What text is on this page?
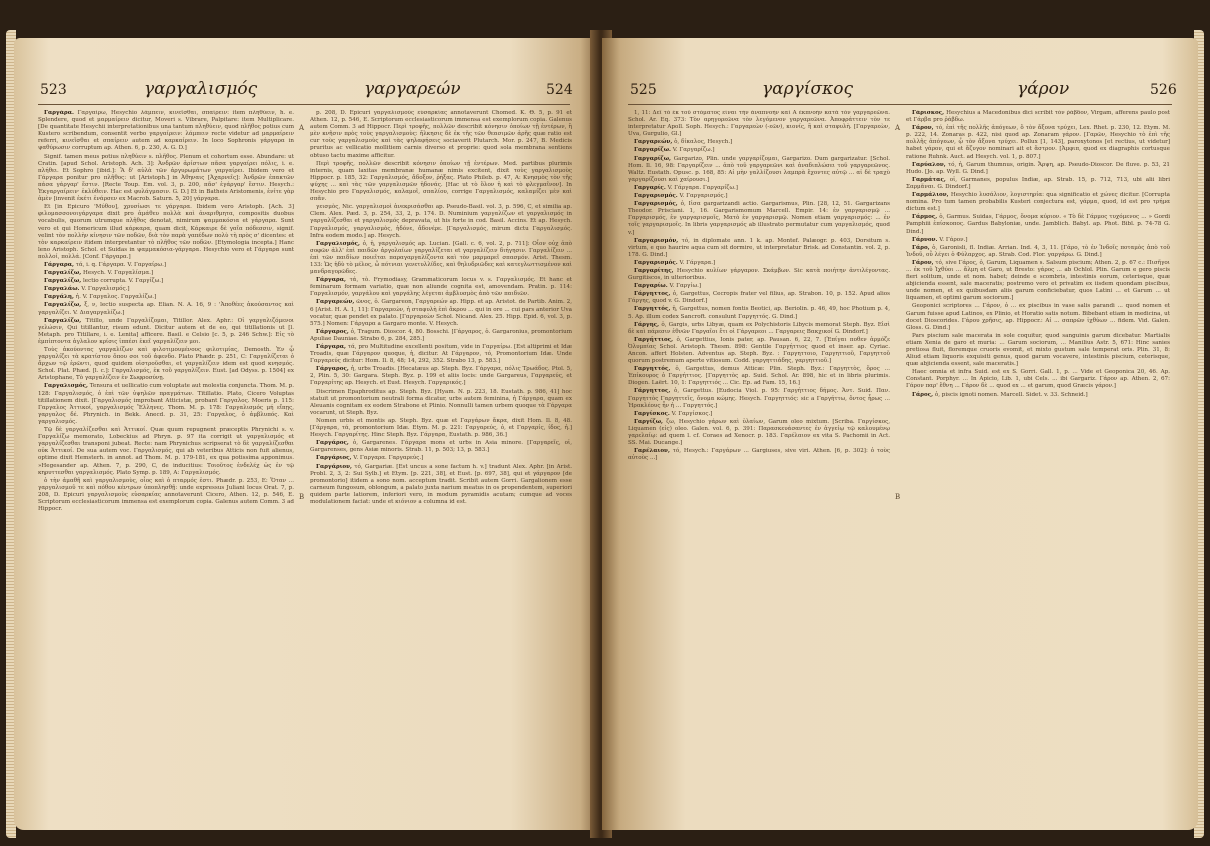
523	γαργαλισμός	γαργαρεών	524

Γαργάρα. Γαργαίρω, Hesychio λάμπειν, κινεῖσθαι, σπαίρειν: item πληθύειν, h. e. Splendere, quod et μαρμαίρειν dicitur, Moveri s. Vibrare, Palpitare: item Multiplicare. [De quantitate Hesychii interpretationibus una tantum πληθύειν, quod πλῆθος potius cum Kustero scribendum, consentit verbo γαργαίρειν: λάμπειν recte videtur ad μαρμαίρειν referri, κινεῖσθαι et σπαίρειν autem ad καρκαίρειν. In loco Sophronis γάργαρα in ψαθύρωσιν corruptum ap. Athen. 6, p. 230, A. G. D.]

Signif. tamen meus potius πληθύειν s. πλῆθος. Plenum et cohortum esse. Abundare: ut Cratin. [apud Schol. Aristoph. Ach. 3]: Ἀνδρῶν ἀρίστων πᾶσα γαργαίρει πόλις, i. e. πλήθει. Et Sophro [ibid.]: Ἃ δ' αὐλὰ τῶν ἀργυρωμάτων γαργαίρει. Ibidem vero et Γάργαρα ponitur pro πλῆθος: ut [Aristoph.] in Ἀθηναις [Ἀχαρνεῖς]: Ἀνδρῶν ἐπακτῶν πάσα γάργαρ' ἔστιν. [Recte Toup. Em. vol. 3, p. 200, πᾶσ' ἐγάργαρ' ἔστιν. Hesych.: Ἐκγαργαίρειν· ἐκλύθειν. Hac est φυλάγμασιν. G. D.] Et in Batheis Aristomenis, ἐνίτε γὰρ ἀμὲν [invenit ἐκέτι ἐνάρσεν ex Macrob. Saturn. 5, 20] γάργαρα.

Et [in Epicuro 'Μύθου], χρυσίωσι τε γάργαρα. Ibidem vero Aristoph. [Ach. 3] φιλομασσονοιγάργαρα dixit pro ἀμάθευ πολλὰ καὶ ἀναριθμητα, compositis duobus vocabulis, quorum utrumque πλῆθος denotat, nimirum ψαμμακόσια et γάργαρα. Sunt vero et qui Homericum illud κάρκαρα, quam dicit, Κάρκαιρε δὲ γαῖα πόδεσσιν, signif. velint τὸν πολλὴν κίνησιν τῶν ποδῶν, διὰ τὸν παρὰ γαπέδων πολὺ τὴ πρὸς σ' dicentes: et τὸν καρκαίρειν itidem interpretantur τὸ πλῆθος τῶν ποδῶν. [Etymologia incepta.] Hanc leno Aristoph. Schol. et Suidas in ψαμμακόσια-γάργαρα. Hesychio vero et Γάργαρα sunt πολλοί, πολλά. [Conf. Γάργαρα.]

Γάργαρα, τά, i. q. Γάργαρα. V. Γαργαίρω.]

Γαργαλίζω, Hesych. V. Γαργαλίσμα.]

Γαργαλίζω, lectio corrupta. V. Γαργίζω.]

Γαργαλάω. V. Γαργαλισμός.]

Γαργάλη, ἡ. V. Γαργαλος. Γαργαλίζω.]

Γαργαλίζω, ξ, ν, lectio suspecta ap. Elian. N. A. 16, 9 : 'Ἀποθέες ἀκούσαντος καὶ γαργαλίζει. V. Διαγαργαλίζω.]

Γαργαλίζω, Titillo, unde Γαργαλίζομαι, Titillor. Alex. Aphr.: Οἱ γαργαλιζόμενοι γελώσιν, Qui titillantur, risum edunt. Dicitur autem et de eo, qui titillationis ut [l. Metaph. pro Titillare, i. e. Lenita] afficere. Basil. e Celsio [c. 5, p. 246 Schw.]: Εἰς τὸ ἐμπίπτοντα ἀγλαλον κρίσις ἱππέσι ἐκεῖ γαργαλίζειν μοι.

Τοὺς ἀκούοντας γαργαλίζων καὶ φιλοτιμουμένους φιλοτιμίας, Demosth. Ἐν ᾧ γαργαλίζει τὰ κρατίστου ὅπου σοι τοῦ ἀφενδο. Plato Phædr. p. 251, C: Γαργαλίζεται ὁ ἄρχων τῷ ἐρῶντι, quod quidem οἰστροῦσθαι, et γαργαλίζειν idem est quod κνησμός. Schol. Plat. Phæd. [l. c.]: Γαργαλισμός, ἐκ τοῦ γαργαλίζειν. Eust. [ad Odyss. p. 1504] ex Aristophane, Τὸ γαργαλίζειν ἐν Σωφροσύνῃ.

Γαργαλισμός, Tensura et uellicatio cum voluptate aut molestia conjuncta. Thom. M. p. 128: Γαργαλισμός, ὁ ἐπὶ τῶν ὑψηλῶν πραγμάτων. Titillatio. Plato, Cicero Voluptas titillationem dixit. [Γαργαλισμός improbant Atticistæ, probant Γαργαλος. Moeris p. 115: Γαργαλος Ἀττικοί, γαργαλισμός Ἕλληνες. Thom. M. p. 178: Γαργαλισμός μή εἴπῃς, γαργαλος δέ. Phrynich. in Bekk. Anecd. p. 31, 25: Γαργαλος, ὁ ἀμβλυπός. Καὶ γαργαλισμός.

Τῷ δὲ γαργαλίζεσθαι καὶ Ἀττικοί. Quæ quum repugnent præceptis Phrynichi s. v. Γαργαλίζω memorato, Lobeckius ad Phryn. p. 97 ita corrigit ut γαργαλισμός et γαργαλίζεσθαι transponi jubeat. Recte: nam Phrynichus scripserat τὸ δὲ γαργαλίζεσθαι οὐκ Ἀττικοί. De sua autem voc. Γαργαλισμός, qui ab veteribus Atticis non fuit alienus, optime dixit Hemsterh. in annot. ad Thom. M. p. 179-181, ex qua potissima apponimus. »Hegesander ap. Athen. 7, p. 290, C, de inducitius: Τοιοῦτος ἐνδελέχ ὡς ἐν τῷ κηρυττεσθαι γαργαλισμός. Plato Symp. p. 189, A: Γαργαλισμός.

ὁ τὴν ἀμαθῆ καὶ γαργαλισμοὺς, οἷος καὶ ὁ πταρμός ἐστι. Phædr. p. 253, E: Ὅταν ... γαργαλισμοῦ τε καὶ πόθου κέντρων ὑποπλησθῇ: unde expressus Juliani locus Orat. 7, p. 208, D. Epicuri γαργαλισμοὺς εὐσαρκίας annotaverunt Cicero, Athen. 12, p. 546, E. Scriptorum ecclesiasticorum immensa est exemplorum copia. Galenus autem Comm. 3 ad Hippocr.

A
B

p. 208, D. Epicuri γαργαλισμοὺς εὐσαρκίας annotaverunt Chomed. K. Θ. 5, p. 91 et Athen. 12, p. 546, E. Scriptorum ecclesiasticorum immensa est exemplorum copia. Galenus autem Comm. 3 ad Hippocr. Περὶ τροφῆς, πολλῶν describit κόνησιν ὁποίων τῇ ἐντέρων, ἢ μὲν κνῆσιν πρὸς τοὺς γαργαλισμοὺς: ἤλκησις δὲ ἐκ τῆς τῶν θεασιμῶν ἀρῆς quæ ratio est cur τοὺς γαργαλισμοὺς καὶ τὰς ψηλαφήσεις sociaverit Plutarch. Mor. p. 247, B. Medicis pruritus ac vellicatio mollitiem carnis diverso et proprie: quod sola membrana sentiens obtuso tactu maxime afficitur.

Περὶ τροφῆς, πολλῶν describit κόνησιν ὁποίων τῇ ἐντέρων. Med. partibus plurimis internis, quam laxitas membranæ humanæ nimis excitent, dixit τοὺς γαργαλισμοὺς Hippocr. p. 185, 32: Γαργαλισμός, ἄδοξον, ῥήξας. Plato Phileb. p. 47, A: Κνησμὸς τὸν τῆς ψύχης ... καὶ τὰς τῶν γαργαλισμῶν ἡδονάς. [Hac ut τὸ ὅλον ἡ καὶ τὸ φλεγμαῖνον]. In Hesychio pro Γαργαλισμός, καλαμοῖ, σπαλίου, corrige Γαργαλισμός, καλαμίζει μὲν καὶ σπᾶν.

γεισμὸς, Nic. γαργαλισμοὶ ἀνεκρισάσθαι ap. Pseudo-Basil. vol. 3, p. 596, C, et similia ap. Clem. Alex. Pæd. 3, p. 254, 33, 2, p. 174. D. Numinium γαργαλίζων et γαργαλισμός in γαργαλίζεσθαι et γαργαλισμός depravata, ut his forte in cod. Basil. Accins. Et ap. Hesych. Γαργαλισμός, γαργαλισμὸς, ἠδόνε, ἄδονέρε. [Γαργαλισμός, mirum dictu Γαργαλισμός. Infra eodem modo.] ap. Hesych.

Γαργαλισμός, ὁ, ἡ, γαργαλισμός ap. Lucian. [Gall. c. 6, vol. 2, p. 711]: Οἷον οὐχ ἀπὸ σοφῶν ἀλλ' ἐπὶ παιδῶν ἀργολαίων γαργαλίζεται et γαργαλίζειν διήγησιν. Γαργαλίζειν ... ἐπὶ τῶν παιδίων ποιεῖται παραγαργαλίζοντα καὶ τὸν μαρμαρεῖ σπασμόν. Arist. Thesm. 133: Ὡς ἡδὺ τὸ μέλος, ὦ πότνιαι γενετυλλίδες, καὶ θηλυδριῶδες καὶ κατεγλωττισμένον καὶ μανδραγορῶδες.

Γάργαρα, τά, τὸ. Frymodiasy, Grammaticorum locus v. s. Γαργαλισμός. Et hanc et feminarum formam variatio, quæ non aliunde cognita est, amovendam. Pratin. p. 114: Γαργαλισμόν, γαργάλου καὶ γαργάλης λέγεται ἀμβλυσμὸς ἀπὸ τῶν παιδιῶν.

Γαργαρεών, ῶνος, ὁ. Gargareon, Γαργαρεών ap. Hipp. et ap. Aristot. de Partib. Anim. 2, 6 [Arist. H. A. 1, 11]: Γαργαρεών, ἡ σταφυλὴ ἐπὶ ἄκρου ... qui in ore ... cui pars anterior Uva vocatur, quæ pendet ex palato. [Γαργαρεὼν Schol. Nicand. Alex. 25. Hipp. Epid. 6, vol. 3, p. 575.] Nomen: Γάργαρα a Gargaro monte. V. Hesych.

Γάργαρος, ὁ, Tragum. Dioscor. 4, 80. Bosschi. [Γάργαρος, ὁ. Gargaronius, promontorium Apuliae Dauniae. Strabo 6, p. 284, 285.]

Γάργαρα, τά, pro Multitudine excellenti positum, vide in Γαργαίρω. [Est altiprimi et Idæ Troadis, quæ Γάργαρον quoque, ἡ, dicitur. At Γάργαρον, τό, Promontorium Idæ. Unde Γαργαρεύς dicitur: Hom. Il. 8, 48; 14, 292, 352. Strabo 13, p. 583.]

Γάργαρος, ἡ, urbs Troadis. [Hecatæus ap. Steph. Byz. Γάργαρα, πόλις Τρωάδος. Ptol. 5, 2, Plin. 5, 30: Gargara. Steph. Byz. p. 199 et aliis locis: unde Gargareus, Γαργαρεύς, et Γαργαρίτης ap. Hesych. et Eust. Hesych. Γαργαρικός.]

Discrimen Epaphroditus ap. Steph. Byz. [Hyam. N. p. 223, 18. Eustath. p. 986, 41] hoc statuit ut promontorium neutrali forma dicatur, urbs autem feminina, ἡ Γάργαρα, quam ex Aleuanis cognitam ex eodem Strabone et Plinio. Nonnulli tamen urbem quoque τὰ Γάργαρα vocarunt, ut Steph. Byz.

Nomen urbis et montis ap. Steph. Byz. quæ et Γαργάρων ἄκρα, dixit Hom. Il. 8, 48. [Γάργαρα, τά, promontorium Idæ. Etym. Μ. p. 221: Γαργαρεύς, ὁ, et Γαργαρίς, ίδος, ἡ.] Hesych. Γαργαρίτης. Hinc Steph. Byz. Γάργαρα, Eustath. p. 986, 36.]

Γαργάρος, ὁ, Gargarenes. Γάργαρα mons et urbs in Asia minore. [Γαργαρεῖς, οἱ, Gargarenses, gens Asiæ minoris. Strab. 11, p. 503; 13, p. 583.]

Γαργάριος, V. Γαργαρα. Γαργαρεύς.]

Γαργάριον, τό, Gargariæ. [Est uncus a sone factum h. v.] tradunt Alex. Aphr. [in Arist. Probl. 2, 3, 2: Sui Sylb.] et Etym. [p. 221, 38], et Eust. [p. 697, 38], qui et γάργαρον [de promontorio] itidem a sono nom. acceptum tradit. Scribit autem Gorri. Gargalionem esse carneum fungosum, oblongum, a palato juxta narium meatus in os propendentem, superiori quidem parte latiorem, inferiori vero, in modum pyramidis acutam; cumque ad voces modulationem faciat: unde et κιόνιον a columna id est.

525	γαργίσκος	γάρον	526

1, 11: Δεῖ τὸ ἐκ τοῦ στόματος εἶναι τὴν ἀναπνοὴν καὶ Α ἐκπνοήν κατὰ τὸν γαργαρεῶνα. Schol. Ar. Eq. 373: Τὸν αρηγορεῶνα τὸν λεγόμενον γαργαρεῶνα. Ἀποφράττειν τὸν τε interpretatur Apoll. Soph. Hesych.: Γαργαρεὼν (-εῶν), κιονίς, ἢ καὶ σταφυλὴ. [Γαργαρεὼν, Uva, Gurgulio, Gl.]

Γαργαρεών, ὁ, δίκαλος, Hesych.]

Γαργαρίζω. V. Γαργαρίζω.]

Γαργαρίζω, Gargarizo, Plin. unde γαργαρίζομαι, Gargarizo. Dum gargarizatur. [Schol. Hom. Il. 16, 98: Γαργαρίζειν ... ἀπὸ τοῦ γαργαρεῶνι καὶ ἀναδιπλώσει τοῦ γαργαρεῶνος. Waltz. Eustath. Opusc. p. 168, 85: Αἱ μὴν γαλλίζουσι λαμπρὰ ἔχοντες αὐτῷ ... αἱ δὲ τραχὺ γαργαρίζουσι καὶ χαίρουσι.]

Γαργαρίς. V. Γάργαρα. Γαργαρίζω.]

Γαργαρισμός. V. Γαργαρισμός.]

Γαργαρισμός, ὁ, Iἰσα gargarizandi actio. Gargarismus, Plin. [28, 12, 51. Gargarizans Theodor. Prisciani. 1, 16. Gargarismomum Marcell. Empir. 14: ἐν γαργαρισμῷ ... Γαργαρισμός, ἐν γαργαρισμοῖς, Ματὸ ἐν γαργαρισμῷ. Nomen etiam γαργαρισμός: ... ἐν τοῖς γαργαρισμοῖς. In libris γαργαρισμός ab illustrato permutatur cum γαργαλισμός, quod v.]

Γαργαρισμόν, τό, in diplomate ann. 1 k. ap. Montef. Palæogr. p. 403, Dorsitum s. virtum, e quo haurire aqua cum sit dormire, ut interpretatur Brisk. ad Constantin. vol. 2, p. 178. G. Dind.]

Γαργαρισμός. V. Γάργαρα.]

Γαργαρίτης, Hesychio κυλίων γάργαρον. Σκάμβων. Sic κατὰ ποιήτην ἀντιλέγοντας. Gurgitiscos, in ulterioribus.

Γαργαρίω. V. Γαργίω.]

Γάργηττος, ὁ, Gargettus, Cecropis frater vel filius, ap. Strabon. 10, p. 152. Apud alios Γάργης, quod v. G. Dindorf.]

Γαργηττός, ἡ, Gargettus, nomen fontis Beotici, ap. Beriolin. p. 46, 49, hoc Photium p. 4, 5. Ap. illum codex Sancroft. consulunt Γαργηττός. G. Dind.]

Γάργης, ὁ, Gargis, urbs Libyæ, quam ex Polychistoris Libycis memorat Steph. Byz. Eἰσὶ δὲ καὶ πάρεσιν ἐθνῶν Γαργαῖοι ἔτι οἱ Γάργαρεοι ... Γαργαρεις Βακχικοί G. Dindorf.]

Γαργήττιος, ὁ, Gargettius, Ionis pater, ap. Pausan. 6, 22, 7. [Ἐπίγαι ποθεν ἀρμόζε Ὀλυμπίας Schol. Aristoph. Thesm. 898: Gentile Γαργήττιος quod et inser. ap. Cyriac. Ancon. affert Holsten. Adventus ap. Steph. Byz. : Γαργηττοιο, Γαργηττιοῦ, Γαργηττοῦ quorum postremum aperte vitiosum. Codd. γαργηττιάδης, γαργηττιοῦ.]

Γαργηττός, ὁ, Gargettus, demus Atticæ: Plin. Steph. Byz.: Γαργηττὸς, ὄρος ... Ἐπίκουρος ὁ Γαργήττιος. [Γαργηττὸς ap. Suid. Schol. Ar. 898, hic et in libris plurimis. Diogen. Laërt. 10, 1: Γαργηττιός ... Cic. Ep. ad Fam. 15, 16.]

Γάργηττος, ὁ, Gargettus. [Eudocia Viol. p. 95: Γαργήττιος δήμος. Ἀντ. Suid. Παν. Γαργηττὸς Γαργηττεῖς, ὄνομα κώμης. Hesych. Γαργηττιός: sic a Γαργήττω, ὄντος ἦρως ... Ἡρακλέους ἦν ἡ ... Γαργηττός.]

Γαργίσκος. V. Γαργίσκος.]

Γαργίζω, ζω, Hesychio γάρων καὶ ὑλαίων, Garum oleo mixtum. [Scriba. Γαργίσκος, Liquamen (εἰς) oleo. Galen. vol. 6, p. 391: Παρασκευάσαντες ἐν ἀγγείῳ τῷ καλουμένῳ γαρελαίῳ: ad quem l. cf. Coraes ad Xenocr. p. 183. Γαρέλαιον ex vita S. Pachomii in Act. SS. Mai. Ducange.]

Γαρέλαιον, τό, Hesych.: Γαργάρων ... Gargiuses, sive viri. Athen. [6, p. 302]: ὁ τοὺς αὐτοὺς ...]

A
B

Γάρισκος, Hesychius a Macedonibus dici scribit τὸν ῥάβδον, Virgam, afferens paulo post et Γάρβα pro ῥάβδω.

Γάρον, τό, ἐπὶ τῆς πολλῆς ἀπόγεων, ὅ τὸν ἄξονα τρύχει, Lex. Rhet. p. 230, 12. Etym. M. p. 222, 14. Zonaras p. 422, nisi quod ap. Zonaram γάρον. [Γαρῶν, Hesychio τὸ ἐπὶ τῆς πολλῆς ἀπόγεων, ᾧ τὸν ἄξονα τρύχει. Pollux [1, 143], paroxytonos [et rectius, ut videtur] habet γάρον, qui et ἄζυγον nominari ait et ἄστρον. [Ἀμφιπ, quod ex diagraphis cortusque ratione Ruhnk. Auct. ad Hesych. vol. 1, p. 807.]

Γαρύαλον, τό, ἡ, Garum thumnus, origin. Ἄρψη, ap. Pseudo-Dioscor. De fluve. p. 53, 21 Hudo. [Jo. ap. Wyll. G. Dind.]

Γαρμάτας, οἱ, Garmanes, populus Indiæ, ap. Strab. 15, p. 712, 713, ubi alii libri Σαρμᾶναι. G. Dindorf.]

Γαρμάλιον, Hesychio λυσάλιον, λογιστηρία: qua significatio et χώνες dicitur. [Corrupta nomina. Pro tum tamen probabilis Kusteri conjectura est, γάρμα, quod, id est pro τρήμα dictum est.]

Γάρμος, ὁ, Garmus. Suidas, Γάρμος, ὄνομα κύριον. « Τὸ δὲ Γάρμος τυχόμενος ... » Gordi Pamphiii ἐπίσκοπος. Gardus Babyloniæ, unde. Jamblich. Babyl. ap. Phot. Bibl. p. 74-78 G. Dind.]

Γάρνον. V. Γάρον.]

Γάρο, ὁ, Garonisli, fl. Indiæ. Arrian. Ind. 4, 3, 11. [Γάρο, τὸ ἐν Ἰνδοῖς ποταμὸς ἀπὸ τοῦ Ἰνδοῦ, οὗ λέγει ὁ Φύλαρχος. ap. Strab. Cod. Flor. γαργάρω. G. Dind.]

Γάρον, τό, sive Γάρος, ὁ, Garum, Liquamen s. Salsum piscium; Athen. 2, p. 67 c.: Πισῆγοι ... ἐκ τοῦ Ἰχθύοι ... ἄλμη et Garo, ut Bresto: γάρος ... ab Ochlol. Plin. Garum e gero piscis fieri solitum, unde et nom. habet; deinde e scombris, intestinis eorum, ceterisque, quæ abjicienda essent, sale maceratis; postremo vero et privatim ex iisdem quondam piscibus, unde nomen, et ex quibusdam aliis garum conficiebatur, quos Latini ... et Garum ... ut liquamen, et optimi garum sociorum.]

Geoponici scriptores ... Γάρον, ὁ ... ex piscibus in vase salis parandi ... quod nomen et Garum fuisse apud Latinos, ex Plinio, et Horatio satis notum. Bibebant etiam in medicina, ut docet Dioscorides. Γάρου χρῆσις, ap. Hippocr.: Αἱ ... σαπρῶν ἰχθύων ... fidem. Vid. Galen. Gloss. G. Dind.]

Pars piscium sale macerata in sole coquitur, quod sanguinis garum dicebatur. Martialis etiam Xenia de garo et muria: ... Garum sociorum, ... Manilius Astr. 5, 671: Hinc sanies pretiosa fluit, floremque cruoris evomit, et mixto gustum sale temperat oris. Plin. 31, 8: Aliud etiam liquoris exquisiti genus, quod garum vocavere, intestinis piscium, ceterisque, quæ abjicienda essent, sale maceratis.]

Haec omnia et infra Suid. est ex S. Gorri. Gall. 1, p. ... Vide et Geoponica 20, 46. Ap. Constant. Porphyr. ... In Apicio, Lib. 1, ubi Cels. ... ibi Gargariz. Γάρον ap. Athen. 2, 67: Γάρον παρ' ἔθνη ... Γάρον δὲ ... quod ex ... et garum, quod Græcis γάρον.]

Γάρος, ὁ, piscis ignoti nomen. Marcell. Sidet. v. 33. Schneid.]
